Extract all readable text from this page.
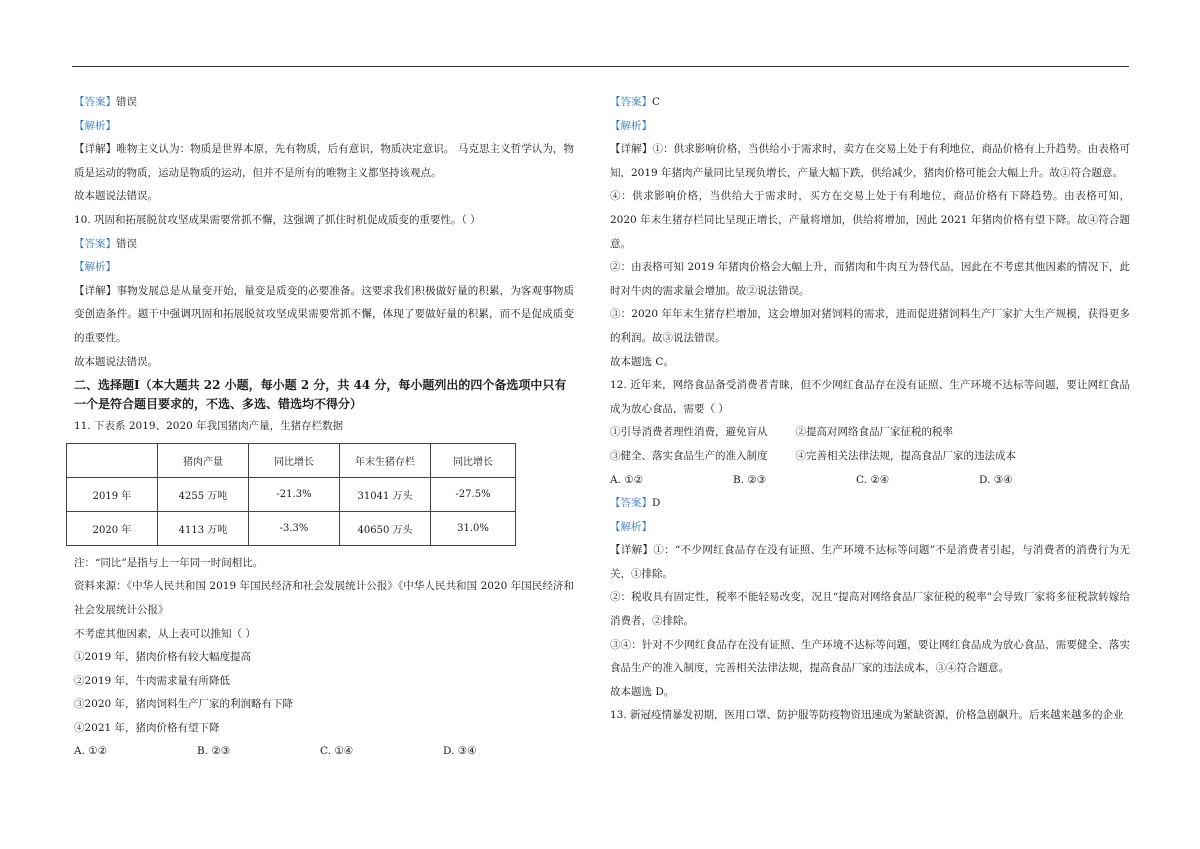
【答案】错误

【解析】

【详解】唯物主义认为：物质是世界本原，先有物质，后有意识，物质决定意识。 马克思主义哲学认为，物质是运动的物质，运动是物质的运动，但并不是所有的唯物主义都坚持该观点。

故本题说法错误。

10. 巩固和拓展脱贫攻坚成果需要常抓不懈，这强调了抓住时机促成质变的重要性。（ ）

【答案】错误

【解析】

【详解】事物发展总是从量变开始，量变是质变的必要准备。这要求我们积极做好量的积累，为客观事物质变创造条件。题干中强调巩固和拓展脱贫攻坚成果需要常抓不懈，体现了要做好量的积累，而不是促成质变的重要性。

故本题说法错误。

二、选择题Ⅰ（本大题共 22 小题，每小题 2 分，共 44 分，每小题列出的四个备选项中只有一个是符合题目要求的，不选、多选、错选均不得分）

11. 下表系 2019、2020 年我国猪肉产量，生猪存栏数据

	猪肉产量	同比增长	年末生猪存栏	同比增长
2019 年	4255 万吨	-21.3%	31041 万头	-27.5%
2020 年	4113 万吨	-3.3%	40650 万头	31.0%

注：“同比”是指与上一年同一时间相比。

资料来源：《中华人民共和国 2019 年国民经济和社会发展统计公报》《中华人民共和国 2020 年国民经济和社会发展统计公报》

不考虑其他因素，从上表可以推知（ ）

①2019 年，猪肉价格有较大幅度提高

②2019 年，牛肉需求量有所降低

③2020 年，猪肉饲料生产厂家的利润略有下降

④2021 年，猪肉价格有望下降

A. ①②	B. ②③	C. ①④	D. ③④

【答案】C

【解析】

【详解】①：供求影响价格，当供给小于需求时，卖方在交易上处于有利地位，商品价格有上升趋势。由表格可知，2019 年猪肉产量同比呈现负增长，产量大幅下跌，供给减少，猪肉价格可能会大幅上升。故①符合题意。

④：供求影响价格，当供给大于需求时，买方在交易上处于有利地位，商品价格有下降趋势。由表格可知，2020 年末生猪存栏同比呈现正增长，产量将增加，供给将增加，因此 2021 年猪肉价格有望下降。故④符合题意。

②：由表格可知 2019 年猪肉价格会大幅上升，而猪肉和牛肉互为替代品，因此在不考虑其他因素的情况下，此时对牛肉的需求量会增加。故②说法错误。

③：2020 年年末生猪存栏增加，这会增加对猪饲料的需求，进而促进猪饲料生产厂家扩大生产规模，获得更多的利润。故③说法错误。

故本题选 C。

12. 近年来，网络食品备受消费者青睐，但不少网红食品存在没有证照、生产环境不达标等问题，要让网红食品成为放心食品，需要（ ）

①引导消费者理性消费，避免盲从	②提高对网络食品厂家征税的税率

③健全、落实食品生产的准入制度	④完善相关法律法规，提高食品厂家的违法成本

A. ①②	B. ②③	C. ②④	D. ③④

【答案】D

【解析】

【详解】①：“不少网红食品存在没有证照、生产环境不达标等问题”不是消费者引起，与消费者的消费行为无关，①排除。

②：税收具有固定性，税率不能轻易改变，况且“提高对网络食品厂家征税的税率”会导致厂家将多征税款转嫁给消费者，②排除。

③④：针对不少网红食品存在没有证照、生产环境不达标等问题，要让网红食品成为放心食品，需要健全、落实食品生产的准入制度，完善相关法律法规，提高食品厂家的违法成本，③④符合题意。

故本题选 D。

13. 新冠疫情暴发初期，医用口罩、防护服等防疫物资迅速成为紧缺资源，价格急剧飙升。后来越来越多的企业
